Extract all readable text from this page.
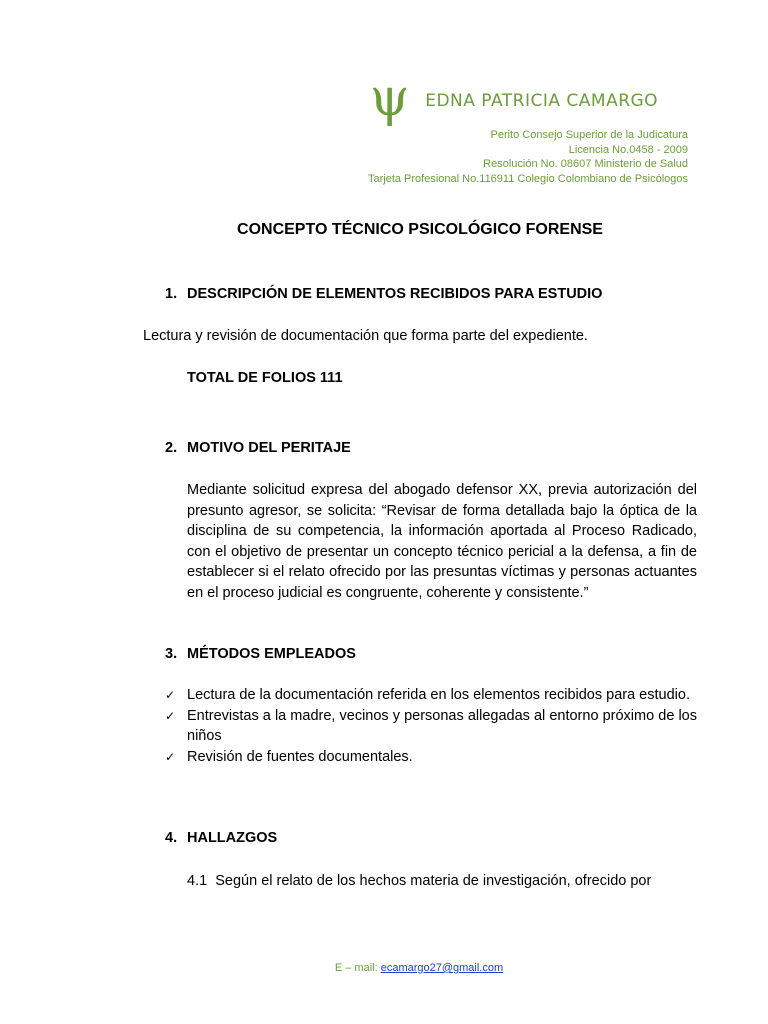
ψ EDNA PATRICIA CAMARGO
Perito Consejo Superior de la Judicatura
Licencia No.0458 - 2009
Resolución No. 08607 Ministerio de Salud
Tarjeta Profesional No.116911 Colegio Colombiano de Psicólogos
CONCEPTO TÉCNICO PSICOLÓGICO FORENSE
1. DESCRIPCIÓN DE ELEMENTOS RECIBIDOS PARA ESTUDIO
Lectura y revisión de documentación que forma parte del expediente.
TOTAL DE FOLIOS 111
2. MOTIVO DEL PERITAJE
Mediante solicitud expresa del abogado defensor XX, previa autorización del presunto agresor, se solicita: “Revisar de forma detallada bajo la óptica de la disciplina de su competencia, la información aportada al Proceso Radicado, con el objetivo de presentar un concepto técnico pericial a la defensa, a fin de establecer si el relato ofrecido por las presuntas víctimas y personas actuantes en el proceso judicial es congruente, coherente y consistente.”
3. MÉTODOS EMPLEADOS
✓ Lectura de la documentación referida en los elementos recibidos para estudio.
✓ Entrevistas a la madre, vecinos y personas allegadas al entorno próximo de los niños
✓ Revisión de fuentes documentales.
4. HALLAZGOS
4.1 Según el relato de los hechos materia de investigación, ofrecido por
E – mail: ecamargo27@gmail.com
